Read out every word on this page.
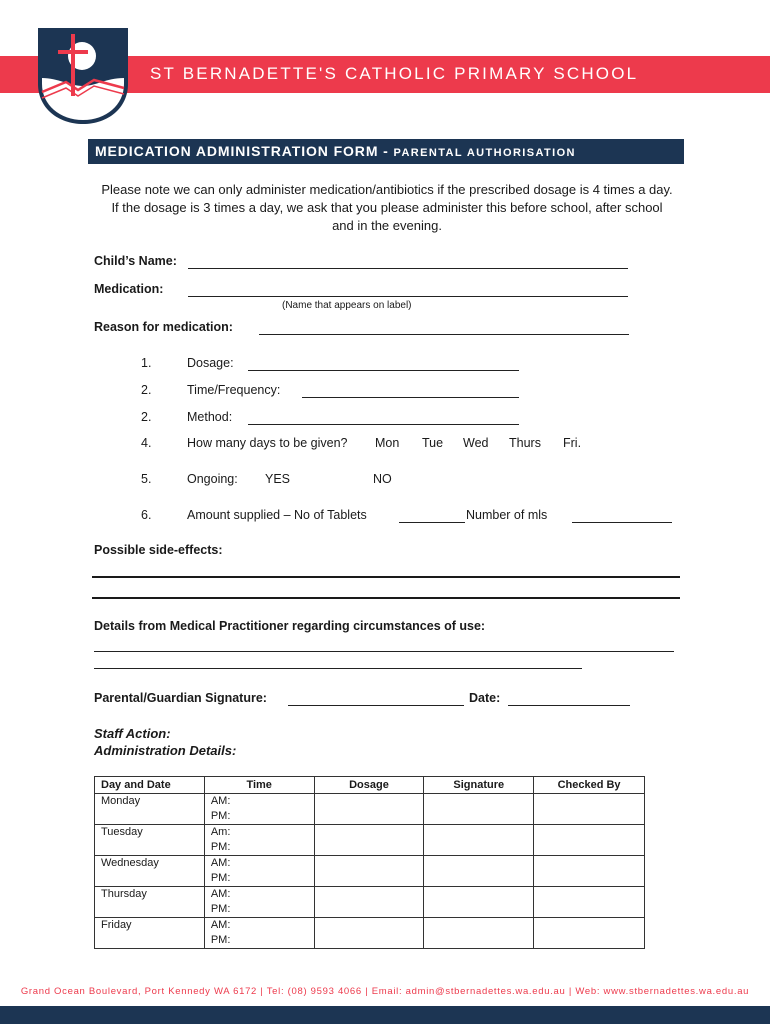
ST BERNADETTE'S CATHOLIC PRIMARY SCHOOL
MEDICATION ADMINISTRATION FORM - PARENTAL AUTHORISATION
Please note we can only administer medication/antibiotics if the prescribed dosage is 4 times a day. If the dosage is 3 times a day, we ask that you please administer this before school, after school and in the evening.
Child’s Name:
Medication:
(Name that appears on label)
Reason for medication:
1.	Dosage:
2.	Time/Frequency:
2.	Method:
4.	How many days to be given? Mon Tue Wed Thurs Fri.
5.	Ongoing: YES	NO
6.	Amount supplied – No of Tablets	Number of mls
Possible side-effects:
Details from Medical Practitioner regarding circumstances of use:
Parental/Guardian Signature:	Date:
Staff Action:
Administration Details:
Day and Date	Time	Dosage	Signature	Checked By
Monday	AM:
PM:			

Tuesday	Am:
PM:			

Wednesday	AM:
PM:			

Thursday	AM:
PM:			

Friday	AM:
PM:			

Grand Ocean Boulevard, Port Kennedy WA 6172 | Tel: (08) 9593 4066 | Email: admin@stbernadettes.wa.edu.au | Web: www.stbernadettes.wa.edu.au
